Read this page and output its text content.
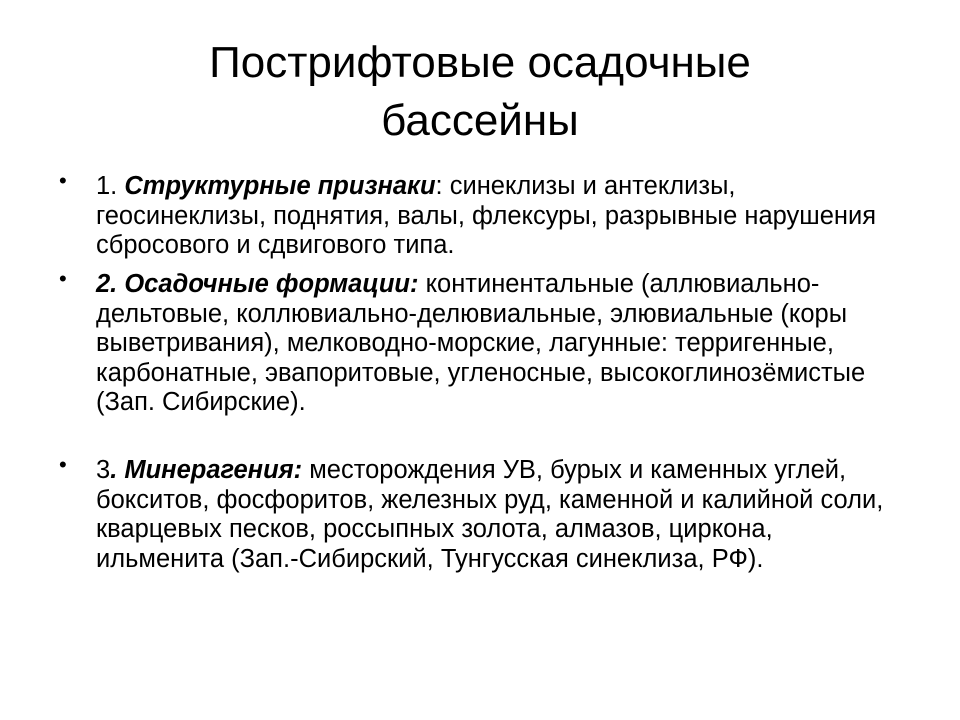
Пострифтовые осадочные
бассейны
• 1. Структурные признаки: синеклизы и антеклизы, геосинеклизы, поднятия, валы, флексуры, разрывные нарушения сбросового и сдвигового типа.
• 2. Осадочные формации: континентальные (аллювиально-дельтовые, коллювиально-делювиальные, элювиальные (коры выветривания), мелководно-морские, лагунные: терригенные, карбонатные, эвапоритовые, угленосные, высокоглинозёмистые (Зап. Сибирские).
• 3. Минерагения: месторождения УВ, бурых и каменных углей, бокситов, фосфоритов, железных руд, каменной и калийной соли, кварцевых песков, россыпных золота, алмазов, циркона, ильменита (Зап.-Сибирский, Тунгусская синеклиза, РФ).
